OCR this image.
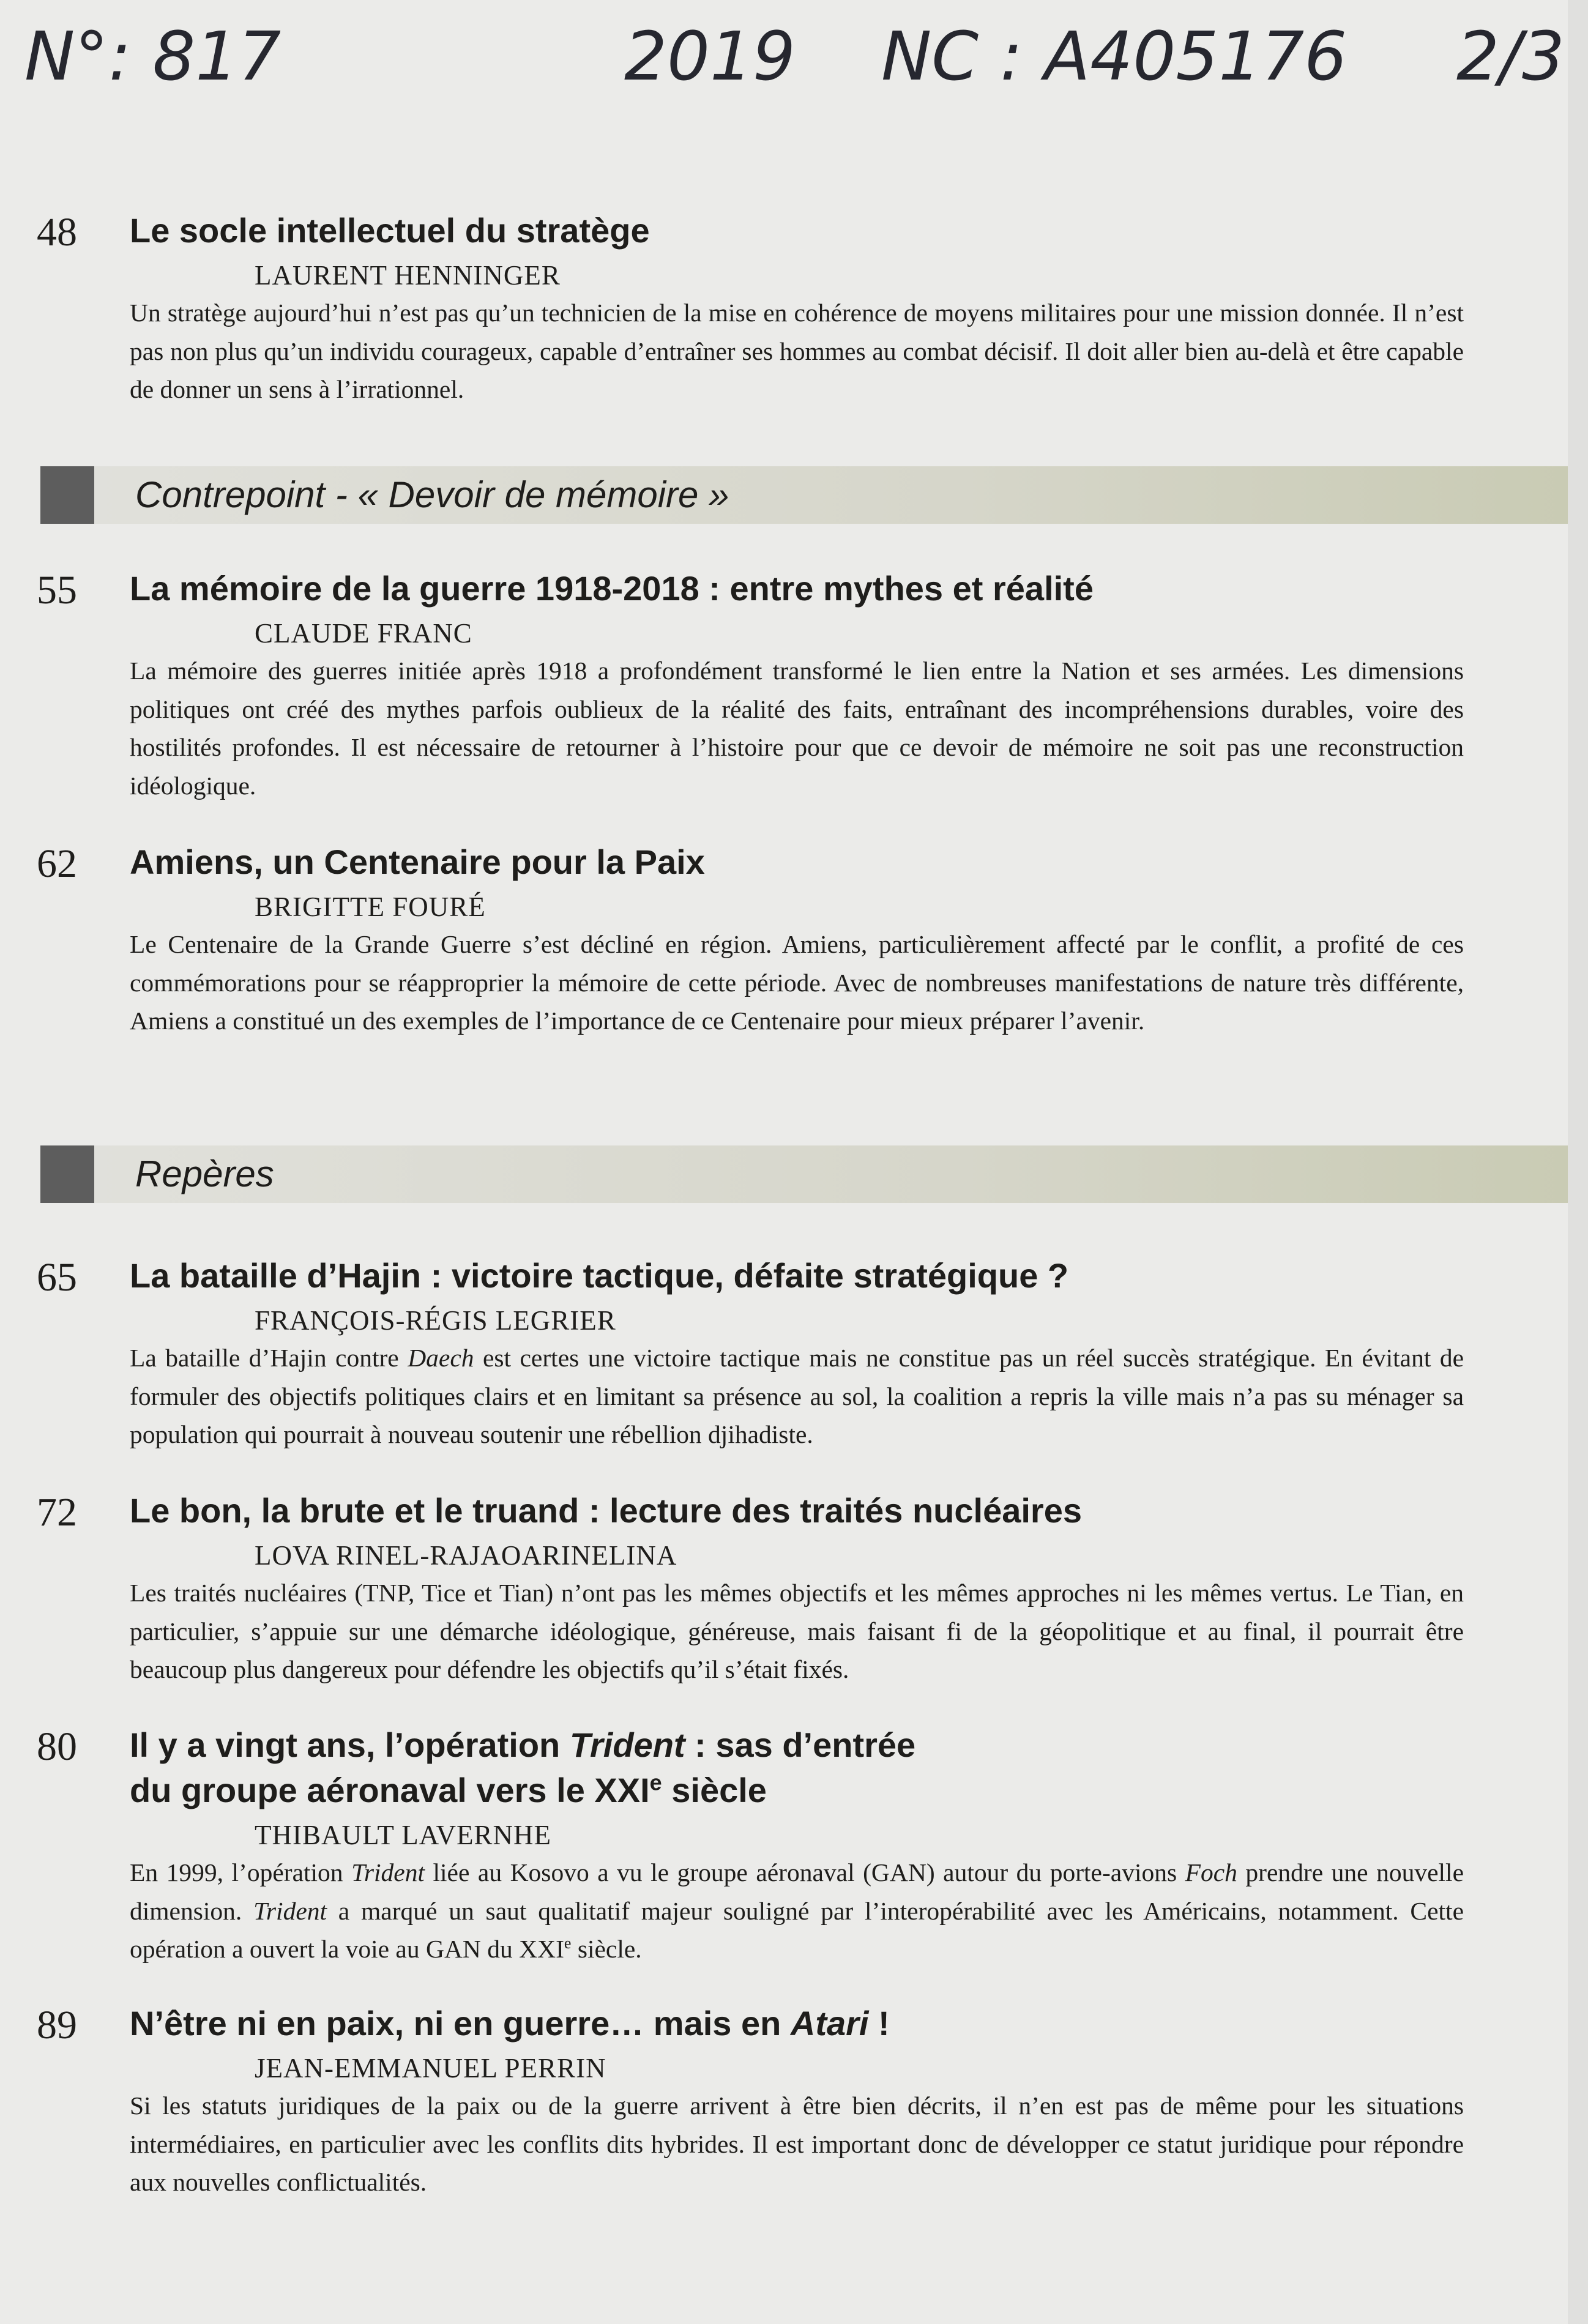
N°: 817	2019 NC : A405176 2/3
48	Le socle intellectuel du stratège
LAURENT HENNINGER
Un stratège aujourd’hui n’est pas qu’un technicien de la mise en cohérence de moyens militaires pour une mission donnée. Il n’est pas non plus qu’un individu courageux, capable d’entraîner ses hommes au combat décisif. Il doit aller bien au-delà et être capable de donner un sens à l’irrationnel.
Contrepoint - « Devoir de mémoire »
55	La mémoire de la guerre 1918-2018 : entre mythes et réalité
CLAUDE FRANC
La mémoire des guerres initiée après 1918 a profondément transformé le lien entre la Nation et ses armées. Les dimensions politiques ont créé des mythes parfois oublieux de la réalité des faits, entraînant des incompréhensions durables, voire des hostilités profondes. Il est nécessaire de retourner à l’histoire pour que ce devoir de mémoire ne soit pas une reconstruction idéologique.
62	Amiens, un Centenaire pour la Paix
BRIGITTE FOURÉ
Le Centenaire de la Grande Guerre s’est décliné en région. Amiens, particulièrement affecté par le conflit, a profité de ces commémorations pour se réapproprier la mémoire de cette période. Avec de nombreuses manifestations de nature très différente, Amiens a constitué un des exemples de l’importance de ce Centenaire pour mieux préparer l’avenir.
Repères
65	La bataille d’Hajin : victoire tactique, défaite stratégique ?
FRANÇOIS-RÉGIS LEGRIER
La bataille d’Hajin contre Daech est certes une victoire tactique mais ne constitue pas un réel succès stratégique. En évitant de formuler des objectifs politiques clairs et en limitant sa présence au sol, la coalition a repris la ville mais n’a pas su ménager sa population qui pourrait à nouveau soutenir une rébellion djihadiste.
72	Le bon, la brute et le truand : lecture des traités nucléaires
LOVA RINEL-RAJAOARINELINA
Les traités nucléaires (TNP, Tice et Tian) n’ont pas les mêmes objectifs et les mêmes approches ni les mêmes vertus. Le Tian, en particulier, s’appuie sur une démarche idéologique, généreuse, mais faisant fi de la géopolitique et au final, il pourrait être beaucoup plus dangereux pour défendre les objectifs qu’il s’était fixés.
80	Il y a vingt ans, l’opération Trident : sas d’entrée
du groupe aéronaval vers le XXIe siècle
THIBAULT LAVERNHE
En 1999, l’opération Trident liée au Kosovo a vu le groupe aéronaval (GAN) autour du porte-avions Foch prendre une nouvelle dimension. Trident a marqué un saut qualitatif majeur souligné par l’interopérabilité avec les Américains, notamment. Cette opération a ouvert la voie au GAN du XXIe siècle.
89	N’être ni en paix, ni en guerre… mais en Atari !
JEAN-EMMANUEL PERRIN
Si les statuts juridiques de la paix ou de la guerre arrivent à être bien décrits, il n’en est pas de même pour les situations intermédiaires, en particulier avec les conflits dits hybrides. Il est important donc de développer ce statut juridique pour répondre aux nouvelles conflictualités.
